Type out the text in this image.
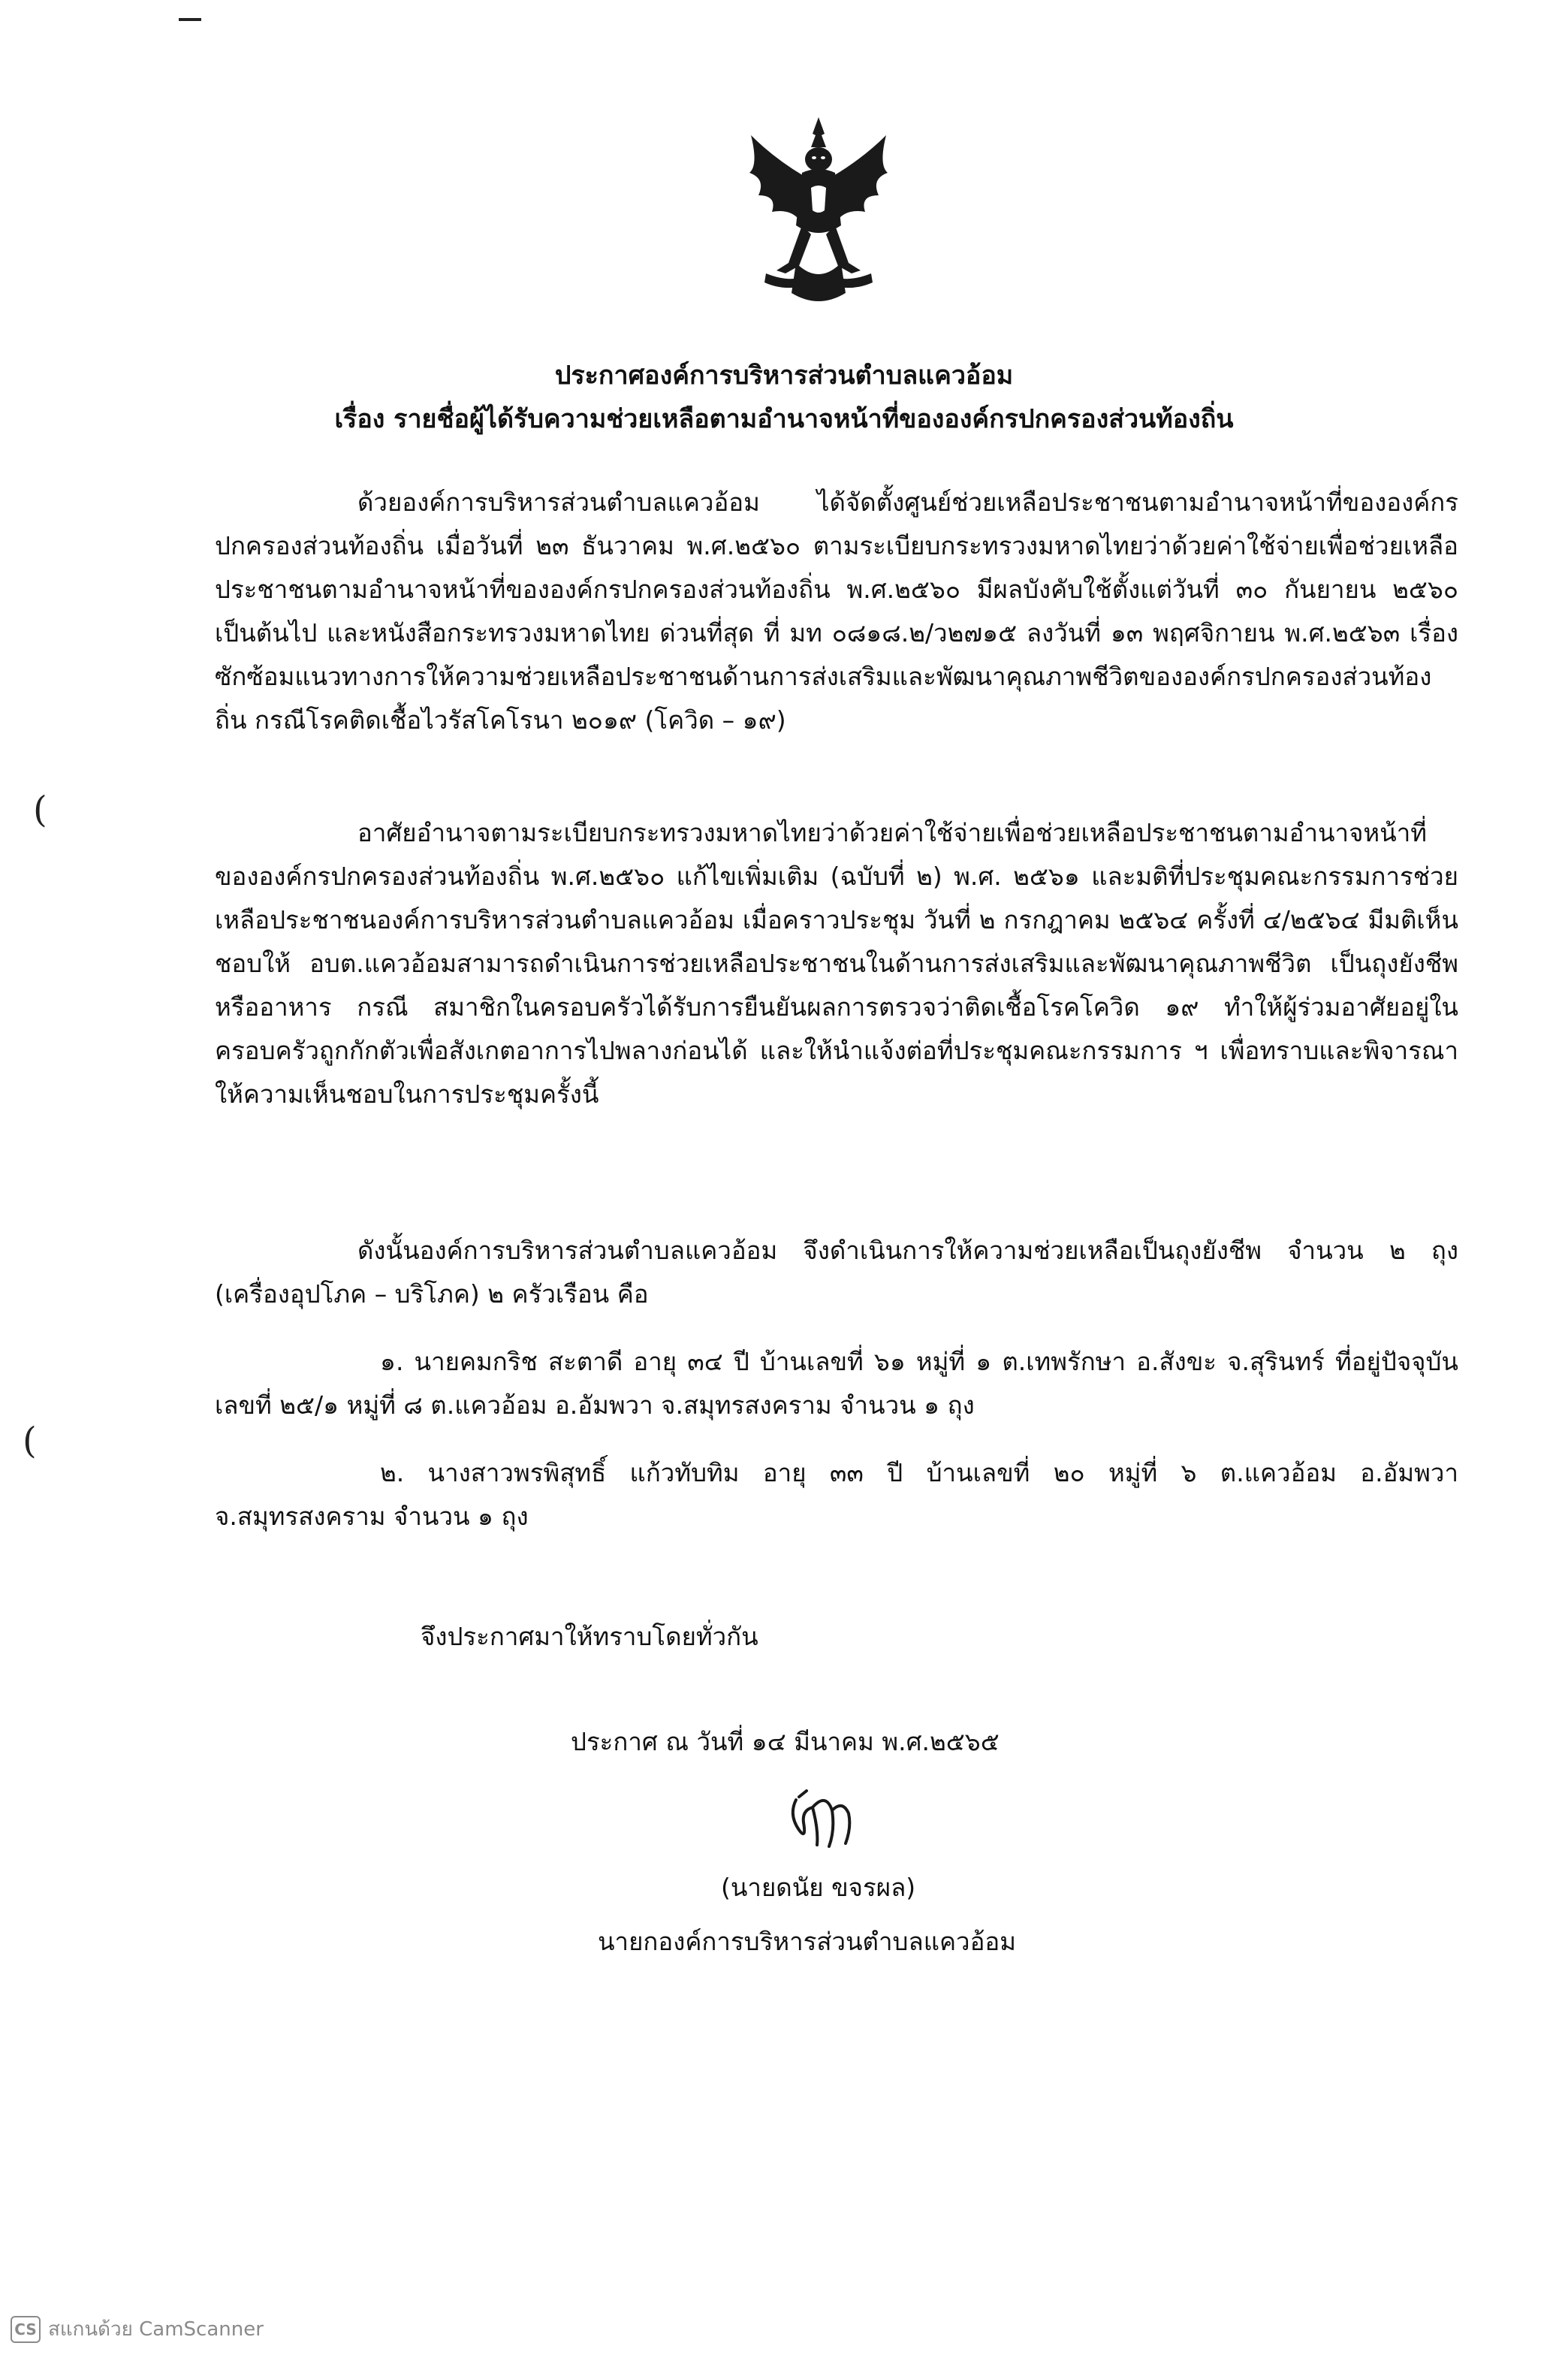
(
(
ประกาศองค์การบริหารส่วนตำบลแควอ้อม
เรื่อง รายชื่อผู้ได้รับความช่วยเหลือตามอำนาจหน้าที่ขององค์กรปกครองส่วนท้องถิ่น

ด้วยองค์การบริหารส่วนตำบลแควอ้อม ได้จัดตั้งศูนย์ช่วยเหลือประชาชนตามอำนาจหน้าที่ขององค์กรปกครองส่วนท้องถิ่น เมื่อวันที่ ๒๓ ธันวาคม พ.ศ.๒๕๖๐ ตามระเบียบกระทรวงมหาดไทยว่าด้วยค่าใช้จ่ายเพื่อช่วยเหลือประชาชนตามอำนาจหน้าที่ขององค์กรปกครองส่วนท้องถิ่น พ.ศ.๒๕๖๐ มีผลบังคับใช้ตั้งแต่วันที่ ๓๐ กันยายน ๒๕๖๐ เป็นต้นไป และหนังสือกระทรวงมหาดไทย ด่วนที่สุด ที่ มท ๐๘๑๘.๒/ว๒๗๑๕ ลงวันที่ ๑๓ พฤศจิกายน พ.ศ.๒๕๖๓ เรื่องซักซ้อมแนวทางการให้ความช่วยเหลือประชาชนด้านการส่งเสริมและพัฒนาคุณภาพชีวิตขององค์กรปกครองส่วนท้องถิ่น กรณีโรคติดเชื้อไวรัสโคโรนา ๒๐๑๙ (โควิด – ๑๙)

อาศัยอำนาจตามระเบียบกระทรวงมหาดไทยว่าด้วยค่าใช้จ่ายเพื่อช่วยเหลือประชาชนตามอำนาจหน้าที่ขององค์กรปกครองส่วนท้องถิ่น พ.ศ.๒๕๖๐ แก้ไขเพิ่มเติม (ฉบับที่ ๒) พ.ศ. ๒๕๖๑ และมติที่ประชุมคณะกรรมการช่วยเหลือประชาชนองค์การบริหารส่วนตำบลแควอ้อม เมื่อคราวประชุม วันที่ ๒ กรกฎาคม ๒๕๖๔ ครั้งที่ ๔/๒๕๖๔ มีมติเห็นชอบให้ อบต.แควอ้อมสามารถดำเนินการช่วยเหลือประชาชนในด้านการส่งเสริมและพัฒนาคุณภาพชีวิต เป็นถุงยังชีพ หรืออาหาร กรณี สมาชิกในครอบครัวได้รับการยืนยันผลการตรวจว่าติดเชื้อโรคโควิด ๑๙ ทำให้ผู้ร่วมอาศัยอยู่ในครอบครัวถูกกักตัวเพื่อสังเกตอาการไปพลางก่อนได้ และให้นำแจ้งต่อที่ประชุมคณะกรรมการ ฯ เพื่อทราบและพิจารณาให้ความเห็นชอบในการประชุมครั้งนี้

ดังนั้นองค์การบริหารส่วนตำบลแควอ้อม จึงดำเนินการให้ความช่วยเหลือเป็นถุงยังชีพ จำนวน ๒ ถุง (เครื่องอุปโภค – บริโภค) ๒ ครัวเรือน คือ

๑. นายคมกริช สะตาดี อายุ ๓๔ ปี บ้านเลขที่ ๖๑ หมู่ที่ ๑ ต.เทพรักษา อ.สังขะ จ.สุรินทร์ ที่อยู่ปัจจุบันเลขที่ ๒๕/๑ หมู่ที่ ๘ ต.แควอ้อม อ.อัมพวา จ.สมุทรสงคราม จำนวน ๑ ถุง

๒. นางสาวพรพิสุทธิ์ แก้วทับทิม อายุ ๓๓ ปี บ้านเลขที่ ๒๐ หมู่ที่ ๖ ต.แควอ้อม อ.อัมพวา จ.สมุทรสงคราม จำนวน ๑ ถุง

จึงประกาศมาให้ทราบโดยทั่วกัน
ประกาศ ณ วันที่ ๑๔ มีนาคม พ.ศ.๒๕๖๕
(นายดนัย ขจรผล)
นายกองค์การบริหารส่วนตำบลแควอ้อม
CS สแกนด้วย CamScanner
